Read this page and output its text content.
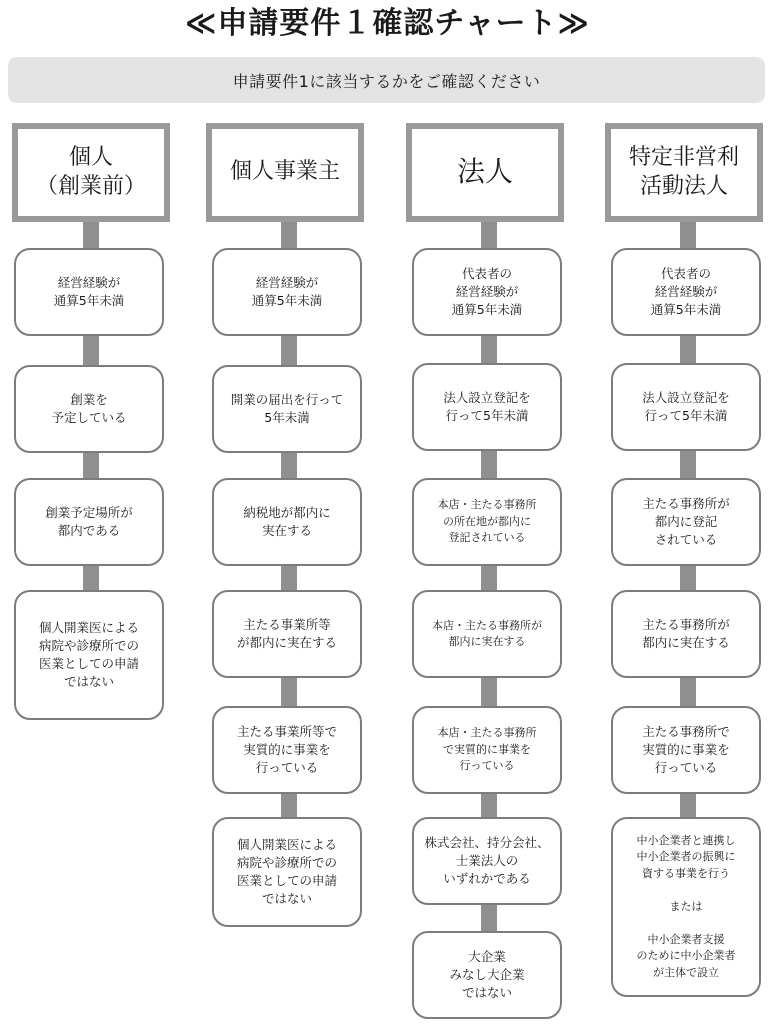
≪申請要件１確認チャート≫
申請要件1に該当するかをご確認ください
個人
（創業前）
経営経験が
通算5年未満
創業を
予定している
創業予定場所が
都内である
個人開業医による
病院や診療所での
医業としての申請
ではない
個人事業主
経営経験が
通算5年未満
開業の届出を行って
5年未満
納税地が都内に
実在する
主たる事業所等
が都内に実在する
主たる事業所等で
実質的に事業を
行っている
個人開業医による
病院や診療所での
医業としての申請
ではない
法人
代表者の
経営経験が
通算5年未満
法人設立登記を
行って5年未満
本店・主たる事務所
の所在地が都内に
登記されている
本店・主たる事務所が
都内に実在する
本店・主たる事務所
で実質的に事業を
行っている
株式会社、持分会社、
士業法人の
いずれかである
大企業
みなし大企業
ではない
特定非営利
活動法人
代表者の
経営経験が
通算5年未満
法人設立登記を
行って5年未満
主たる事務所が
都内に登記
されている
主たる事務所が
都内に実在する
主たる事務所で
実質的に事業を
行っている
中小企業者と連携し
中小企業者の振興に
資する事業を行う

または

中小企業者支援
のために中小企業者
が主体で設立
